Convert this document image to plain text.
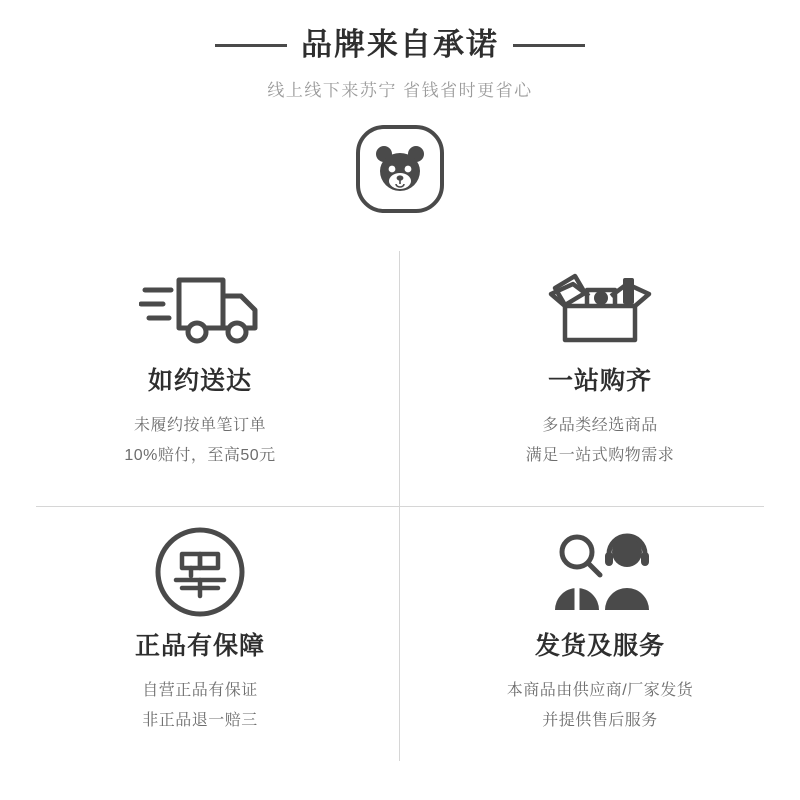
品牌来自承诺
线上线下来苏宁 省钱省时更省心
如约送达
未履约按单笔订单
10%赔付，至高50元
一站购齐
多品类经选商品
满足一站式购物需求
正品有保障
自营正品有保证
非正品退一赔三
发货及服务
本商品由供应商/厂家发货
并提供售后服务
